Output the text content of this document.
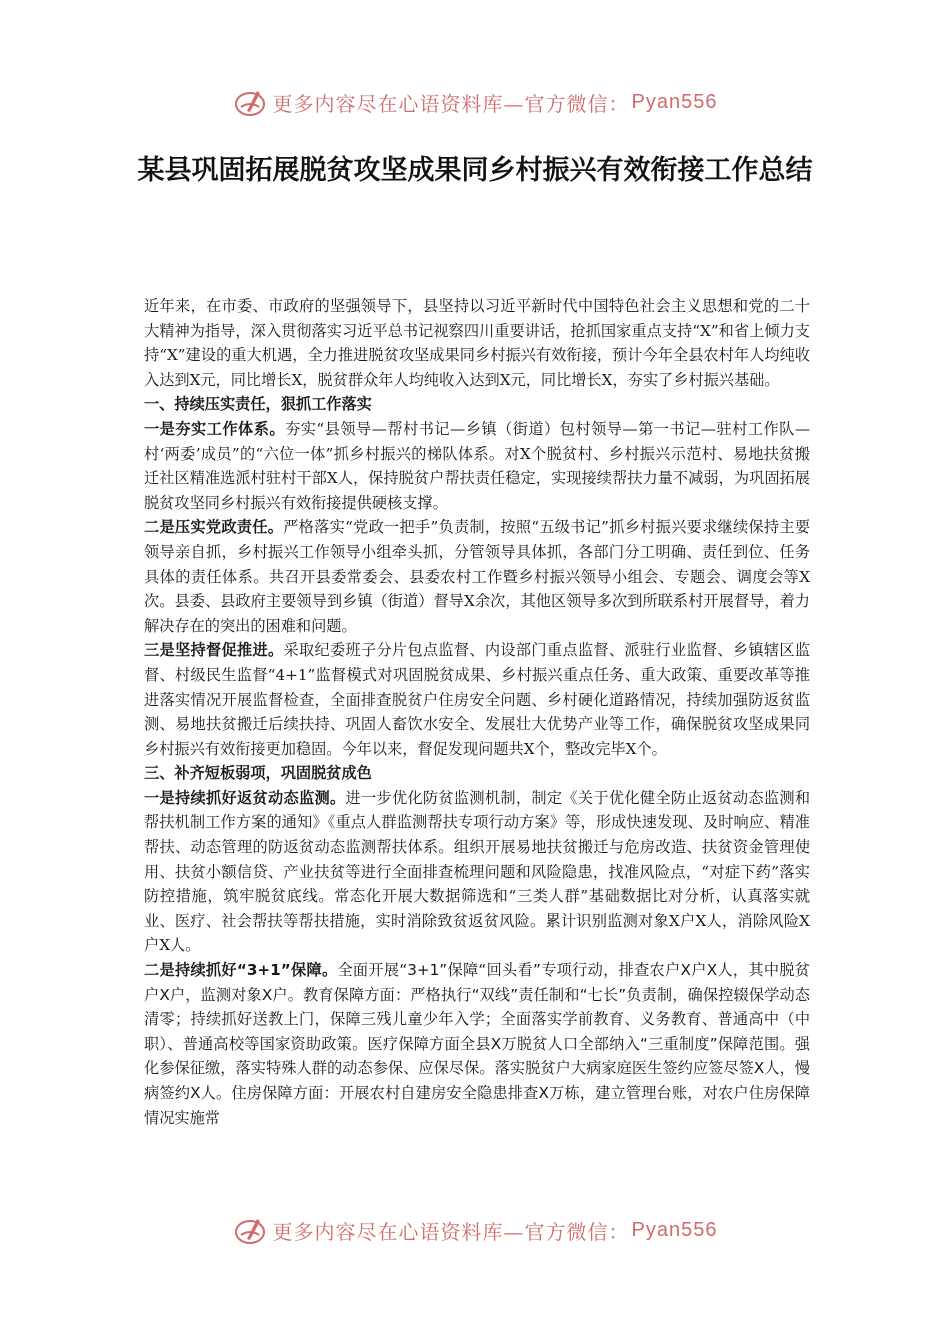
更多内容尽在心语资料库—官方微信： Pyan556
某县巩固拓展脱贫攻坚成果同乡村振兴有效衔接工作总结

近年来，在市委、市政府的坚强领导下，县坚持以习近平新时代中国特色社会主义思想和党的二十大精神为指导，深入贯彻落实习近平总书记视察四川重要讲话，抢抓国家重点支持“X”和省上倾力支持“X”建设的重大机遇，全力推进脱贫攻坚成果同乡村振兴有效衔接，预计今年全县农村年人均纯收入达到X元，同比增长X，脱贫群众年人均纯收入达到X元，同比增长X，夯实了乡村振兴基础。

一、持续压实责任，狠抓工作落实

一是夯实工作体系。夯实“县领导—帮村书记—乡镇（街道）包村领导—第一书记—驻村工作队—村‘两委’成员”的“六位一体”抓乡村振兴的梯队体系。对X个脱贫村、乡村振兴示范村、易地扶贫搬迁社区精准选派村驻村干部X人，保持脱贫户帮扶责任稳定，实现接续帮扶力量不减弱，为巩固拓展脱贫攻坚同乡村振兴有效衔接提供硬核支撑。

二是压实党政责任。严格落实“党政一把手”负责制，按照“五级书记”抓乡村振兴要求继续保持主要领导亲自抓，乡村振兴工作领导小组牵头抓，分管领导具体抓，各部门分工明确、责任到位、任务具体的责任体系。共召开县委常委会、县委农村工作暨乡村振兴领导小组会、专题会、调度会等X次。县委、县政府主要领导到乡镇（街道）督导X余次，其他区领导多次到所联系村开展督导，着力解决存在的突出的困难和问题。

三是坚持督促推进。采取纪委班子分片包点监督、内设部门重点监督、派驻行业监督、乡镇辖区监督、村级民生监督“4+1”监督模式对巩固脱贫成果、乡村振兴重点任务、重大政策、重要改革等推进落实情况开展监督检查，全面排查脱贫户住房安全问题、乡村硬化道路情况，持续加强防返贫监测、易地扶贫搬迁后续扶持、巩固人畜饮水安全、发展壮大优势产业等工作，确保脱贫攻坚成果同乡村振兴有效衔接更加稳固。今年以来，督促发现问题共X个，整改完毕X个。

三、补齐短板弱项，巩固脱贫成色

一是持续抓好返贫动态监测。进一步优化防贫监测机制，制定《关于优化健全防止返贫动态监测和帮扶机制工作方案的通知》《重点人群监测帮扶专项行动方案》等，形成快速发现、及时响应、精准帮扶、动态管理的防返贫动态监测帮扶体系。组织开展易地扶贫搬迁与危房改造、扶贫资金管理使用、扶贫小额信贷、产业扶贫等进行全面排查梳理问题和风险隐患，找准风险点，“对症下药”落实防控措施，筑牢脱贫底线。常态化开展大数据筛选和“三类人群”基础数据比对分析，认真落实就业、医疗、社会帮扶等帮扶措施，实时消除致贫返贫风险。累计识别监测对象X户X人，消除风险X户X人。

二是持续抓好“3+1”保障。全面开展“3+1”保障“回头看”专项行动，排查农户X户X人，其中脱贫户X户，监测对象X户。教育保障方面：严格执行“双线”责任制和“七长”负责制，确保控辍保学动态清零；持续抓好送教上门，保障三残儿童少年入学；全面落实学前教育、义务教育、普通高中（中职）、普通高校等国家资助政策。医疗保障方面全县X万脱贫人口全部纳入“三重制度”保障范围。强化参保征缴，落实特殊人群的动态参保、应保尽保。落实脱贫户大病家庭医生签约应签尽签X人，慢病签约X人。住房保障方面：开展农村自建房安全隐患排查X万栋，建立管理台账，对农户住房保障情况实施常

更多内容尽在心语资料库—官方微信： Pyan556
